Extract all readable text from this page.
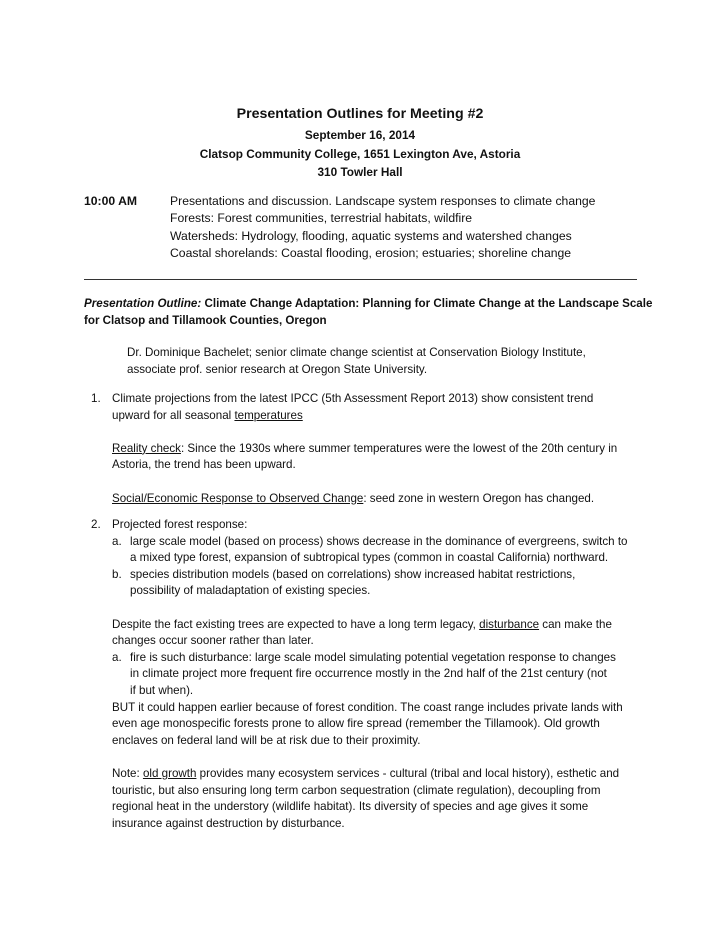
Presentation Outlines for Meeting #2
September 16, 2014
Clatsop Community College, 1651 Lexington Ave, Astoria
310 Towler Hall
10:00 AM	Presentations and discussion. Landscape system responses to climate change
Forests: Forest communities, terrestrial habitats, wildfire
Watersheds: Hydrology, flooding, aquatic systems and watershed changes
Coastal shorelands: Coastal flooding, erosion; estuaries; shoreline change
Presentation Outline: Climate Change Adaptation: Planning for Climate Change at the Landscape Scale
for Clatsop and Tillamook Counties, Oregon
Dr. Dominique Bachelet; senior climate change scientist at Conservation Biology Institute,
associate prof. senior research at Oregon State University.
1. Climate projections from the latest IPCC (5th Assessment Report 2013) show consistent trend
upward for all seasonal temperatures
Reality check: Since the 1930s where summer temperatures were the lowest of the 20th century in
Astoria, the trend has been upward.
Social/Economic Response to Observed Change: seed zone in western Oregon has changed.
2. Projected forest response:
a. large scale model (based on process) shows decrease in the dominance of evergreens, switch to
a mixed type forest, expansion of subtropical types (common in coastal California) northward.
b. species distribution models (based on correlations) show increased habitat restrictions,
possibility of maladaptation of existing species.
Despite the fact existing trees are expected to have a long term legacy, disturbance can make the
changes occur sooner rather than later.
a. fire is such disturbance: large scale model simulating potential vegetation response to changes
in climate project more frequent fire occurrence mostly in the 2nd half of the 21st century (not
if but when).
BUT it could happen earlier because of forest condition. The coast range includes private lands with
even age monospecific forests prone to allow fire spread (remember the Tillamook). Old growth
enclaves on federal land will be at risk due to their proximity.
Note: old growth provides many ecosystem services - cultural (tribal and local history), esthetic and
touristic, but also ensuring long term carbon sequestration (climate regulation), decoupling from
regional heat in the understory (wildlife habitat). Its diversity of species and age gives it some
insurance against destruction by disturbance.
